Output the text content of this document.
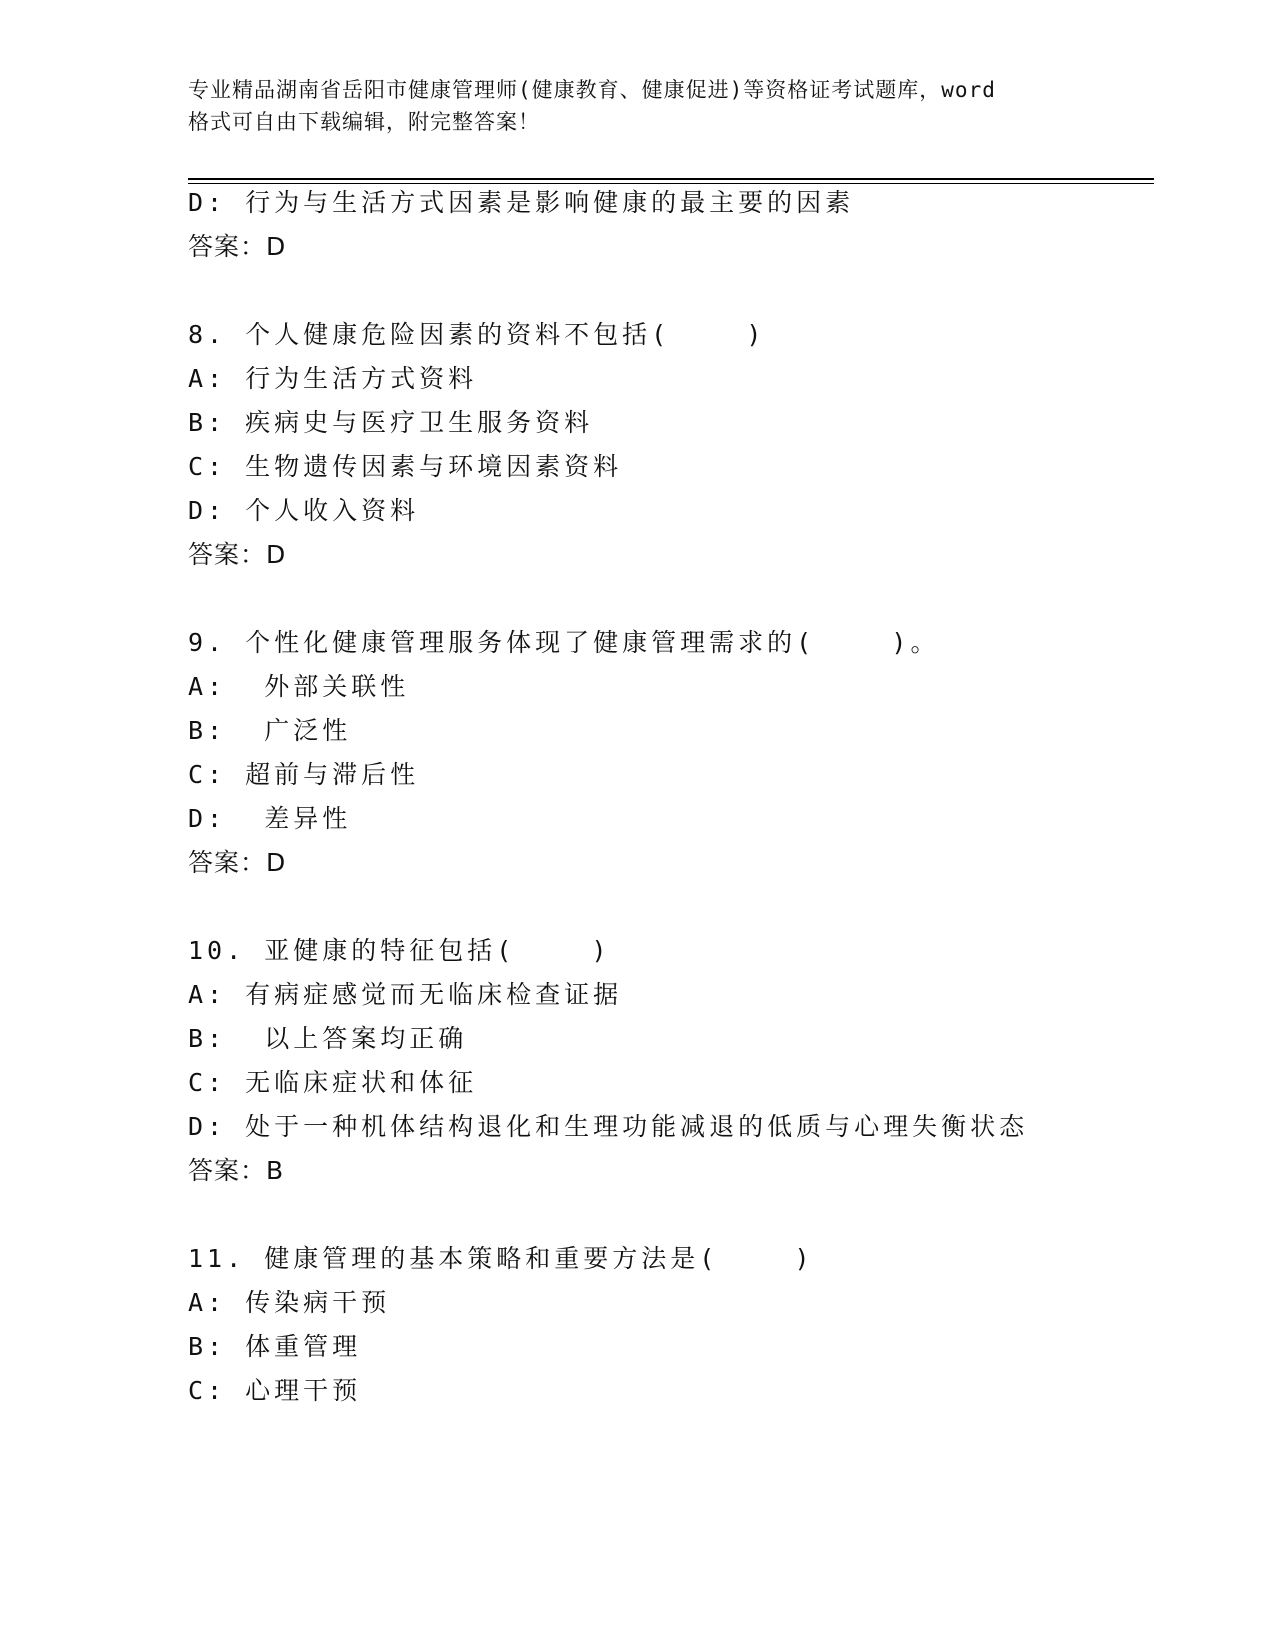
专业精品湖南省岳阳市健康管理师(健康教育、健康促进)等资格证考试题库，word
格式可自由下载编辑，附完整答案！
D: 行为与生活方式因素是影响健康的最主要的因素
答案：D
8. 个人健康危险因素的资料不包括(    )
A: 行为生活方式资料
B: 疾病史与医疗卫生服务资料
C: 生物遗传因素与环境因素资料
D: 个人收入资料
答案：D
9. 个性化健康管理服务体现了健康管理需求的(    )。
A:  外部关联性
B:  广泛性
C: 超前与滞后性
D:  差异性
答案：D
10. 亚健康的特征包括(    )
A: 有病症感觉而无临床检查证据
B:  以上答案均正确
C: 无临床症状和体征
D: 处于一种机体结构退化和生理功能减退的低质与心理失衡状态
答案：B
11. 健康管理的基本策略和重要方法是(    )
A: 传染病干预
B: 体重管理
C: 心理干预
